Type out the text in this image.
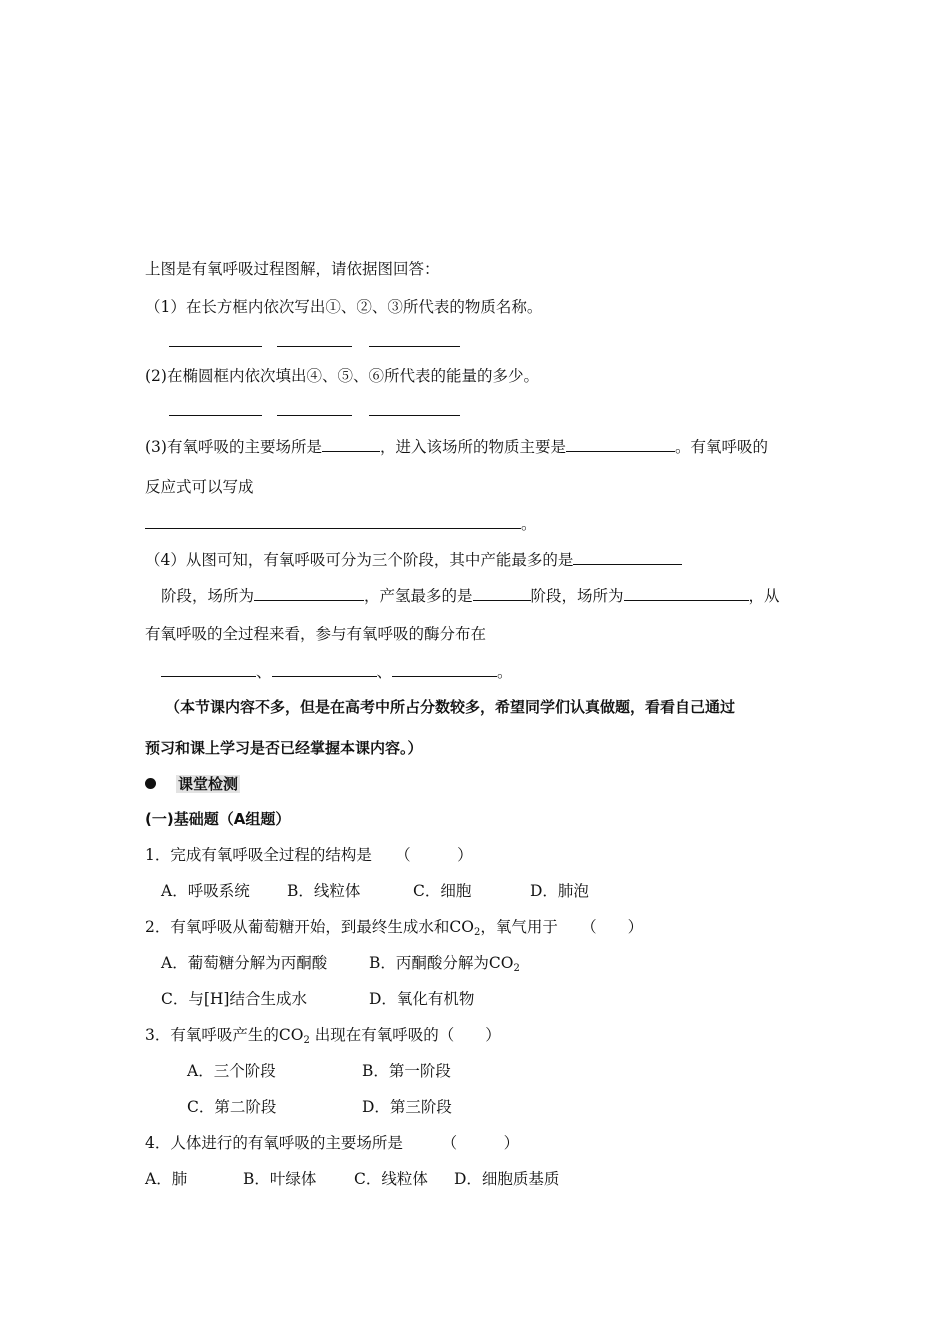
上图是有氧呼吸过程图解，请依据图回答：
（1）在长方框内依次写出①、②、③所代表的物质名称。
(2)在椭圆框内依次填出④、⑤、⑥所代表的能量的多少。
(3)有氧呼吸的主要场所是	，进入该场所的物质主要是	。有氧呼吸的
反应式可以写成
。
（4）从图可知，有氧呼吸可分为三个阶段，其中产能最多的是
阶段，场所为	，产氢最多的是	阶段，场所为	，从
有氧呼吸的全过程来看，参与有氧呼吸的酶分布在
、	、	。
（本节课内容不多，但是在高考中所占分数较多，希望同学们认真做题，看看自己通过
预习和课上学习是否已经掌握本课内容。）
课堂检测
(一)基础题（A组题）
1．完成有氧呼吸全过程的结构是　　（　　　）
A．呼吸系统 B．线粒体	C．细胞	D．肺泡
2．有氧呼吸从葡萄糖开始，到最终生成水和$CO_2$，氧气用于　　（　　）
A．葡萄糖分解为丙酮酸	B．丙酮酸分解为$CO_2$
C．与[H]结合生成水	D．氧化有机物
3．有氧呼吸产生的$CO_2$ 出现在有氧呼吸的（　　）
A．三个阶段	B．第一阶段
C．第二阶段	D．第三阶段
4．人体进行的有氧呼吸的主要场所是　　　（　　　）
A．肺	B．叶绿体 C．线粒体 D．细胞质基质
